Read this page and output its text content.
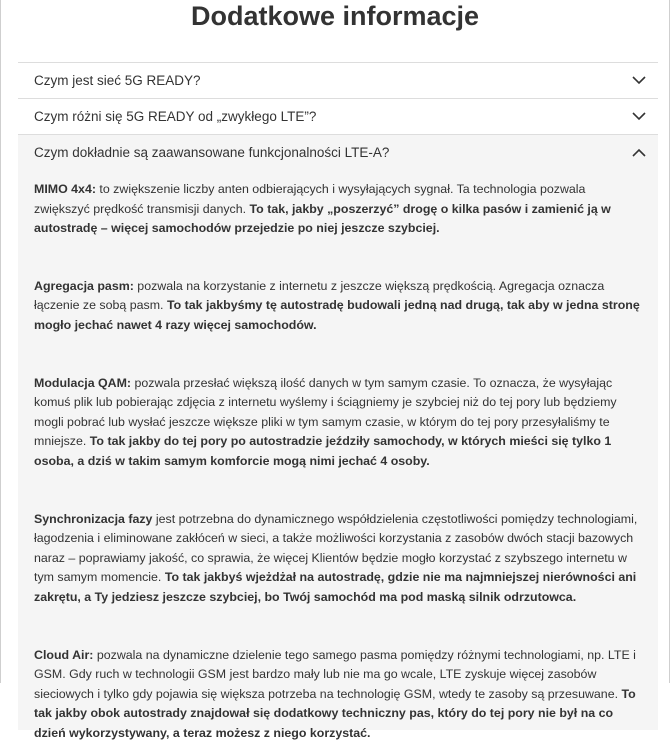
Dodatkowe informacje
Czym jest sieć 5G READY?
Czym różni się 5G READY od „zwykłego LTE”?
Czym dokładnie są zaawansowane funkcjonalności LTE-A?

MIMO 4x4: to zwiększenie liczby anten odbierających i wysyłających sygnał. Ta technologia pozwala zwiększyć prędkość transmisji danych. To tak, jakby „poszerzyć” drogę o kilka pasów i zamienić ją w autostradę – więcej samochodów przejedzie po niej jeszcze szybciej.

Agregacja pasm: pozwala na korzystanie z internetu z jeszcze większą prędkością. Agregacja oznacza łączenie ze sobą pasm. To tak jakbyśmy tę autostradę budowali jedną nad drugą, tak aby w jedna stronę mogło jechać nawet 4 razy więcej samochodów.

Modulacja QAM: pozwala przesłać większą ilość danych w tym samym czasie. To oznacza, że wysyłając komuś plik lub pobierając zdjęcia z internetu wyślemy i ściągniemy je szybciej niż do tej pory lub będziemy mogli pobrać lub wysłać jeszcze większe pliki w tym samym czasie, w którym do tej pory przesyłaliśmy te mniejsze. To tak jakby do tej pory po autostradzie jeździły samochody, w których mieści się tylko 1 osoba, a dziś w takim samym komforcie mogą nimi jechać 4 osoby.

Synchronizacja fazy jest potrzebna do dynamicznego współdzielenia częstotliwości pomiędzy technologiami, łagodzenia i eliminowane zakłóceń w sieci, a także możliwości korzystania z zasobów dwóch stacji bazowych naraz – poprawiamy jakość, co sprawia, że więcej Klientów będzie mogło korzystać z szybszego internetu w tym samym momencie. To tak jakbyś wjeżdżał na autostradę, gdzie nie ma najmniejszej nierówności ani zakrętu, a Ty jedziesz jeszcze szybciej, bo Twój samochód ma pod maską silnik odrzutowca.

Cloud Air: pozwala na dynamiczne dzielenie tego samego pasma pomiędzy różnymi technologiami, np. LTE i GSM. Gdy ruch w technologii GSM jest bardzo mały lub nie ma go wcale, LTE zyskuje więcej zasobów sieciowych i tylko gdy pojawia się większa potrzeba na technologię GSM, wtedy te zasoby są przesuwane. To tak jakby obok autostrady znajdował się dodatkowy techniczny pas, który do tej pory nie był na co dzień wykorzystywany, a teraz możesz z niego korzystać.
